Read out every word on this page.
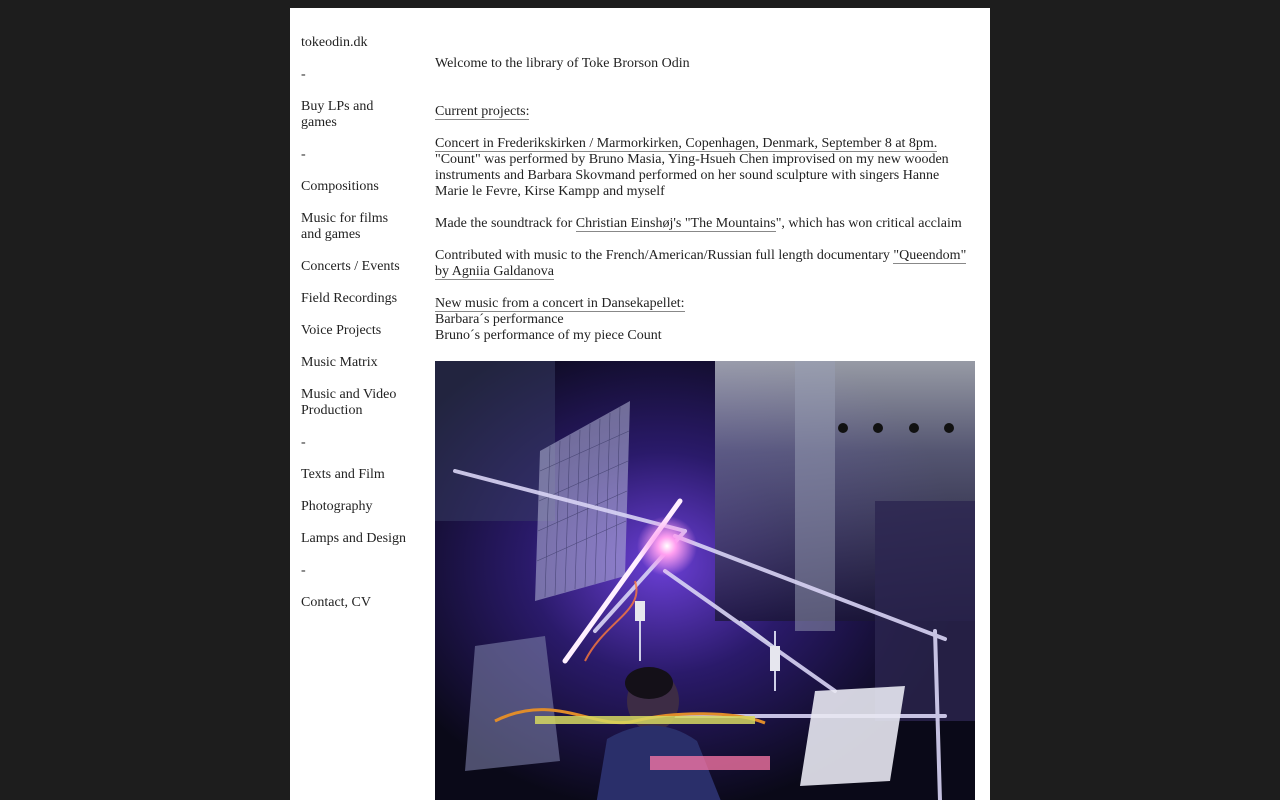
tokeodin.dk
-
Buy LPs and games
-
Compositions
Music for films and games
Concerts / Events
Field Recordings
Voice Projects
Music Matrix
Music and Video Production
-
Texts and Film
Photography
Lamps and Design
-
Contact, CV

Welcome to the library of Toke Brorson Odin

Current projects:

Concert in Frederikskirken / Marmorkirken, Copenhagen, Denmark, September 8 at 8pm.
"Count" was performed by Bruno Masia, Ying-Hsueh Chen improvised on my new wooden instruments and Barbara Skovmand performed on her sound sculpture with singers Hanne Marie le Fevre, Kirse Kampp and myself

Made the soundtrack for Christian Einshøj's "The Mountains", which has won critical acclaim

Contributed with music to the French/American/Russian full length documentary "Queendom" by Agniia Galdanova

New music from a concert in Dansekapellet:
Barbara´s performance
Bruno´s performance of my piece Count
